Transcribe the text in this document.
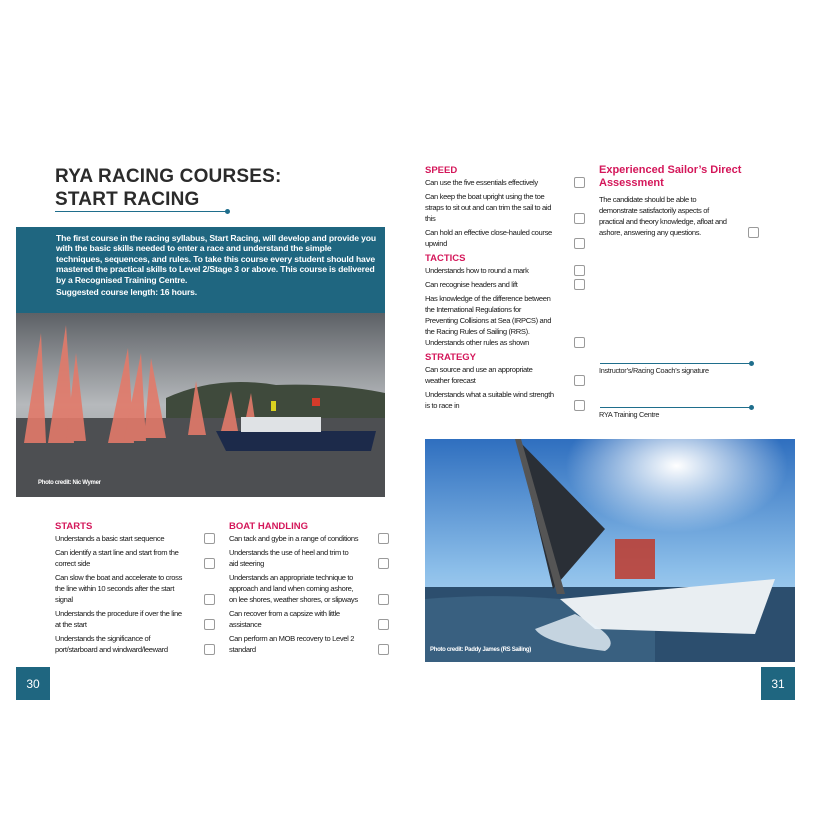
RYA RACING COURSES:
START RACING

The first course in the racing syllabus, Start Racing, will develop and provide you with the basic skills needed to enter a race and understand the simple techniques, sequences, and rules. To take this course every student should have mastered the practical skills to Level 2/Stage 3 or above. This course is delivered by a Recognised Training Centre.

Suggested course length: 16 hours.

Photo credit: Nic Wymer
STARTS
Understands a basic start sequence
Can identify a start line and start from the correct side
Can slow the boat and accelerate to cross the line within 10 seconds after the start signal
Understands the procedure if over the line at the start
Understands the significance of port/starboard and windward/leeward
BOAT HANDLING
Can tack and gybe in a range of conditions
Understands the use of heel and trim to aid steering
Understands an appropriate technique to approach and land when coming ashore, on lee shores, weather shores, or slipways
Can recover from a capsize with little assistance
Can perform an MOB recovery to Level 2 standard
30
SPEED
Can use the five essentials effectively
Can keep the boat upright using the toe straps to sit out and can trim the sail to aid this
Can hold an effective close-hauled course upwind
TACTICS
Understands how to round a mark
Can recognise headers and lift
Has knowledge of the difference between the International Regulations for Preventing Collisions at Sea (IRPCS) and the Racing Rules of Sailing (RRS). Understands other rules as shown
STRATEGY
Can source and use an appropriate weather forecast
Understands what a suitable wind strength is to race in
Experienced Sailor’s Direct Assessment
The candidate should be able to demonstrate satisfactorily aspects of practical and theory knowledge, afloat and ashore, answering any questions.
Instructor’s/Racing Coach’s signature
RYA Training Centre
Photo credit: Paddy James (RS Sailing)
31
